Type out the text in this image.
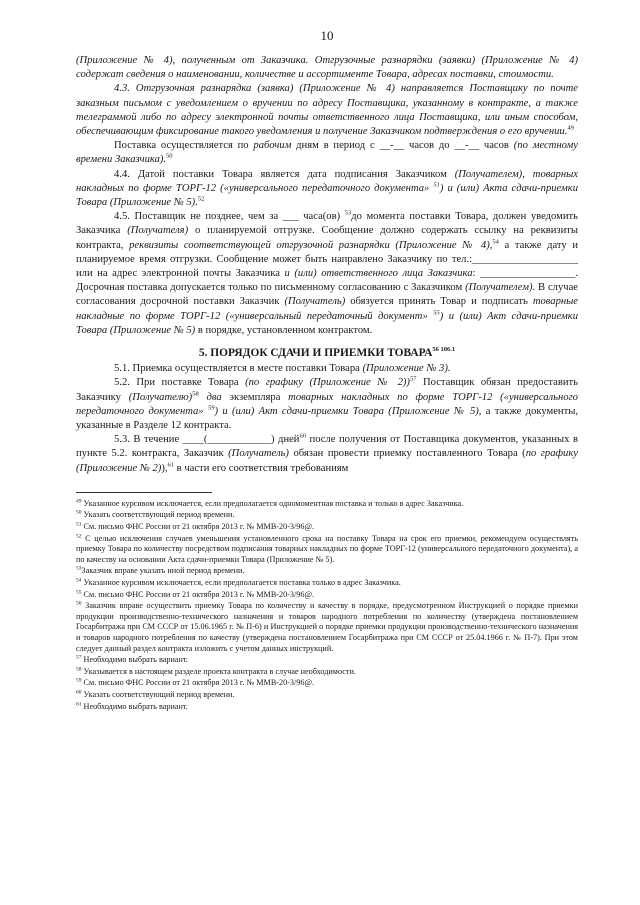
10

(Приложение № 4), полученным от Заказчика. Отгрузочные разнарядки (заявки) (Приложение № 4) содержат сведения о наименовании, количестве и ассортименте Товара, адресах поставки, стоимости.

4.3. Отгрузочная разнарядка (заявка) (Приложение № 4) направляется Поставщику по почте заказным письмом с уведомлением о вручении по адресу Поставщика, указанному в контракте, а также телеграммой либо по адресу электронной почты ответственного лица Поставщика, или иным способом, обеспечивающим фиксирование такого уведомления и получение Заказчиком подтверждения о его вручении.$^{49}$

Поставка осуществляется по рабочим дням в период с __-__ часов до __-__ часов (по местному времени Заказчика).$^{50}$

4.4. Датой поставки Товара является дата подписания Заказчиком (Получателем), товарных накладных по форме ТОРГ-12 («универсального передаточного документа» $^{51}$) и (или) Акта сдачи-приемки Товара (Приложение № 5).$^{52}$

4.5. Поставщик не позднее, чем за ___ часа(ов) $^{53}$до момента поставки Товара, должен уведомить Заказчика (Получателя) о планируемой отгрузке. Сообщение должно содержать ссылку на реквизиты контракта, реквизиты соответствующей отгрузочной разнарядки (Приложение № 4),$^{54}$ а также дату и планируемое время отгрузки. Сообщение может быть направлено Заказчику по тел.:____________________ или на адрес электронной почты Заказчика и (или) ответственного лица Заказчика: __________________. Досрочная поставка допускается только по письменному согласованию с Заказчиком (Получателем). В случае согласования досрочной поставки Заказчик (Получатель) обязуется принять Товар и подписать товарные накладные по форме ТОРГ-12 («универсальный передаточный документ» $^{55}$) и (или) Акт сдачи-приемки Товара (Приложение № 5) в порядке, установленном контрактом.

5. ПОРЯДОК СДАЧИ И ПРИЕМКИ $ТОВАРА^{56 106.1}$

5.1. Приемка осуществляется в месте поставки Товара (Приложение № 3).

5.2. При поставке Товара (по графику (Приложение № 2))$^{57}$ Поставщик обязан предоставить Заказчику (Получателю)$^{58}$ два экземпляра товарных накладных по форме ТОРГ-12 («универсального передаточного документа» $^{59}$) и (или) Акт сдачи-приемки Товара (Приложение № 5), а также документы, указанные в Разделе 12 контракта.

5.3. В течение ____(____________) дней$^{60}$ после получения от Поставщика документов, указанных в пункте 5.2. контракта, Заказчик (Получатель) обязан провести приемку поставленного Товара (по графику (Приложение № 2)),$^{61}$ в части его соответствия требованиям

$^{49}$ Указанное курсивом исключается, если предполагается одномоментная поставка и только в адрес Заказчика.

$^{50}$ Указать соответствующий период времени.

$^{51}$ См. письмо ФНС России от 21 октября 2013 г. № ММВ-20-3/96@.

$^{52}$ С целью исключения случаев уменьшения установленного срока на поставку Товара на срок его приемки, рекомендуем осуществлять приемку Товара по количеству посредством подписания товарных накладных по форме ТОРГ-12 (универсального передаточного документа), а по качеству на основании Акта сдачи-приемки Товара (Приложение № 5).

$^{53}$Заказчик вправе указать иной период времени.

$^{54}$ Указанное курсивом исключается, если предполагается поставка только в адрес Заказчика.

$^{55}$ См. письмо ФНС России от 21 октября 2013 г. № ММВ-20-3/96@.

$^{56}$ Заказчик вправе осуществить приемку Товара по количеству и качеству в порядке, предусмотренном Инструкцией о порядке приемки продукции производственно-технического назначения и товаров народного потребления по количеству (утверждена постановлением Госарбитража при СМ СССР от 15.06.1965 г. № П-6) и Инструкцией о порядке приемки продукции производственно-технического назначения и товаров народного потребления по качеству (утверждена постановлением Госарбитража при СМ СССР от 25.04.1966 г. № П-7). При этом следует данный раздел контракта изложить с учетом данных инструкций.

$^{57}$ Необходимо выбрать вариант.

$^{58}$ Указывается в настоящем разделе проекта контракта в случае необходимости.

$^{59}$ См. письмо ФНС России от 21 октября 2013 г. № ММВ-20-3/96@.

$^{60}$ Указать соответствующий период времени.

$^{61}$ Необходимо выбрать вариант.
